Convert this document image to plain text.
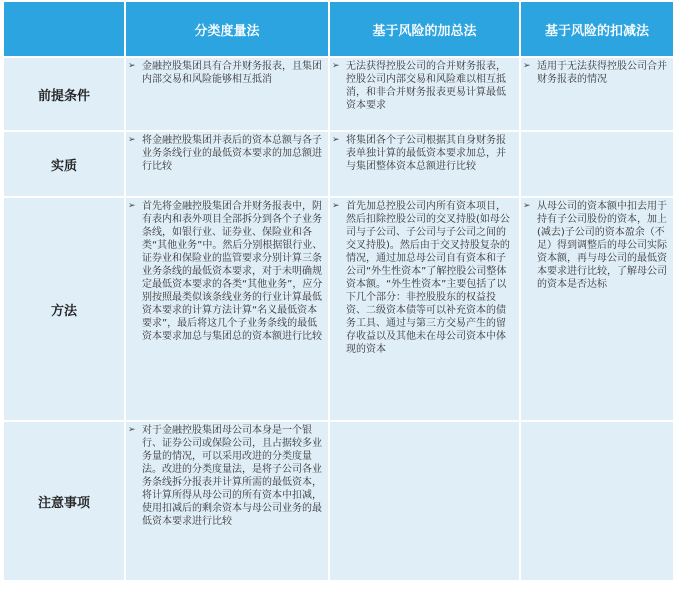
	分类度量法	基于风险的加总法	基于风险的扣减法
前提条件	➢ 金融控股集团具有合并财务报表，且集团内部交易和风险能够相互抵消	➢ 无法获得控股公司的合并财务报表，控股公司内部交易和风险难以相互抵消，和非合并财务报表更易计算最低资本要求	➢ 适用于无法获得控股公司合并财务报表的情况

实质	➢ 将金融控股集团并表后的资本总额与各子业务条线行业的最低资本要求的加总额进行比较	➢ 将集团各个子公司根据其自身财务报表单独计算的最低资本要求加总，并与集团整体资本总额进行比较	

方法	➢ 首先将金融控股集团合并财务报表中，阴有表内和表外项目全部拆分到各个子业务条线，如银行业、证券业、保险业和各类“其他业务”中。然后分别根据银行业、证券业和保险业的监管要求分别计算三条业务条线的最低资本要求，对于未明确规定最低资本要求的各类“其他业务”，应分别按照最类似该条线业务的行业计算最低资本要求的计算方法计算“名义最低资本要求”，最后将这几个子业务条线的最低资本要求加总与集团总的资本额进行比较	➢ 首先加总控股公司内所有资本项目，然后扣除控股公司的交叉持股(如母公司与子公司、子公司与子公司之间的交叉持股)。然后由于交叉持股复杂的情况，通过加总母公司自有资本和子公司“外生性资本”了解控股公司整体资本额。“外生性资本”主要包括了以下几个部分：非控股股东的权益投资、二级资本债等可以补充资本的债务工具、通过与第三方交易产生的留存收益以及其他未在母公司资本中体现的资本	➢ 从母公司的资本额中扣去用于持有子公司股份的资本，加上(减去)子公司的资本盈余（不足）得到调整后的母公司实际资本额，再与母公司的最低资本要求进行比较，了解母公司的资本是否达标

注意事项	➢ 对于金融控股集团母公司本身是一个银行、证券公司或保险公司，且占据较多业务量的情况，可以采用改进的分类度量法。改进的分类度量法，是将子公司各业务条线拆分报表并计算所需的最低资本，将计算所得从母公司的所有资本中扣减，使用扣减后的剩余资本与母公司业务的最低资本要求进行比较		
